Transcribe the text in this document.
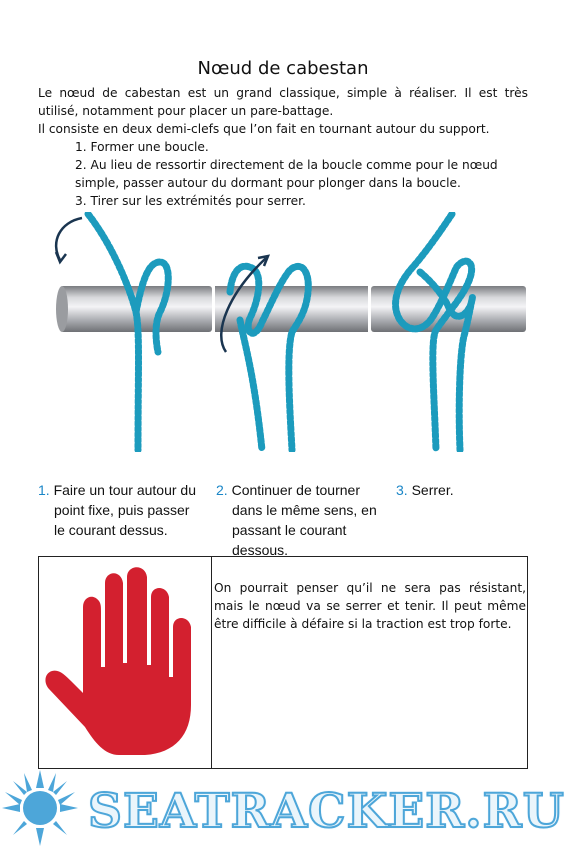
Nœud de cabestan

Le nœud de cabestan est un grand classique, simple à réaliser. Il est très utilisé, notamment pour placer un pare-battage.

Il consiste en deux demi-clefs que l’on fait en tournant autour du support.

1. Former une boucle.
2. Au lieu de ressortir directement de la boucle comme pour le nœud simple, passer autour du dormant pour plonger dans la boucle.
3. Tirer sur les extrémités pour serrer.
1. Faire un tour autour du point fixe, puis passer le courant dessus.
2. Continuer de tourner dans le même sens, en passant le courant dessous.
3. Serrer.
On pourrait penser qu’il ne sera pas résistant, mais le nœud va se serrer et tenir. Il peut même être difficile à défaire si la traction est trop forte.
SEATRACKER.RU
